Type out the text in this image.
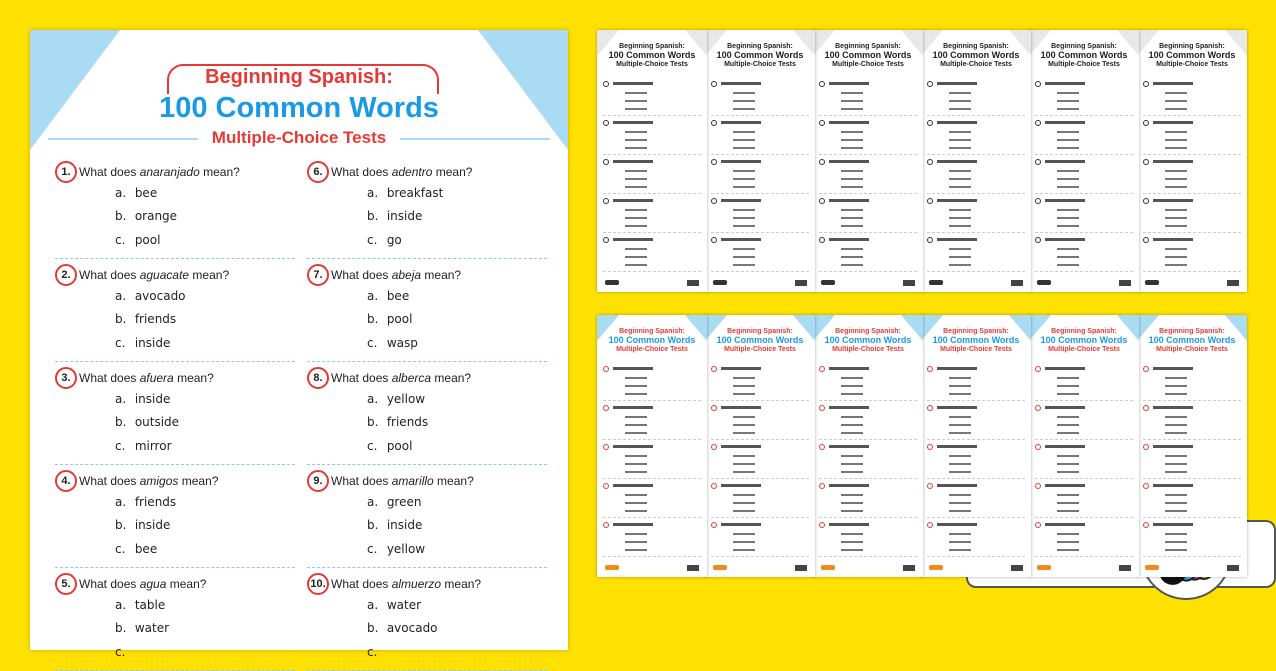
Beginning Spanish:
100 Common Words
Multiple-Choice Tests
1. What does anaranjado mean?
a. bee
b. orange
c. pool
2. What does aguacate mean?
a. avocado
b. friends
c. inside
3. What does afuera mean?
a. inside
b. outside
c. mirror
4. What does amigos mean?
a. friends
b. inside
c. bee
5. What does agua mean?
a. table
b. water
c.
6. What does adentro mean?
a. breakfast
b. inside
c. go
7. What does abeja mean?
a. bee
b. pool
c. wasp
8. What does alberca mean?
a. yellow
b. friends
c. pool
9. What does amarillo mean?
a. green
b. inside
c. yellow
10. What does almuerzo mean?
a. water
b. avocado
c.
Beginning Spanish:
100 Common Words
Multiple-Choice Tests
Beginning Spanish:
100 Common Words
Multiple-Choice Tests
Beginning Spanish:
100 Common Words
Multiple-Choice Tests
Beginning Spanish:
100 Common Words
Multiple-Choice Tests
Beginning Spanish:
100 Common Words
Multiple-Choice Tests
Beginning Spanish:
100 Common Words
Multiple-Choice Tests
Beginning Spanish:
100 Common Words
Multiple-Choice Tests
Beginning Spanish:
100 Common Words
Multiple-Choice Tests
Beginning Spanish:
100 Common Words
Multiple-Choice Tests
Beginning Spanish:
100 Common Words
Multiple-Choice Tests
Beginning Spanish:
100 Common Words
Multiple-Choice Tests
Beginning Spanish:
100 Common Words
Multiple-Choice Tests
